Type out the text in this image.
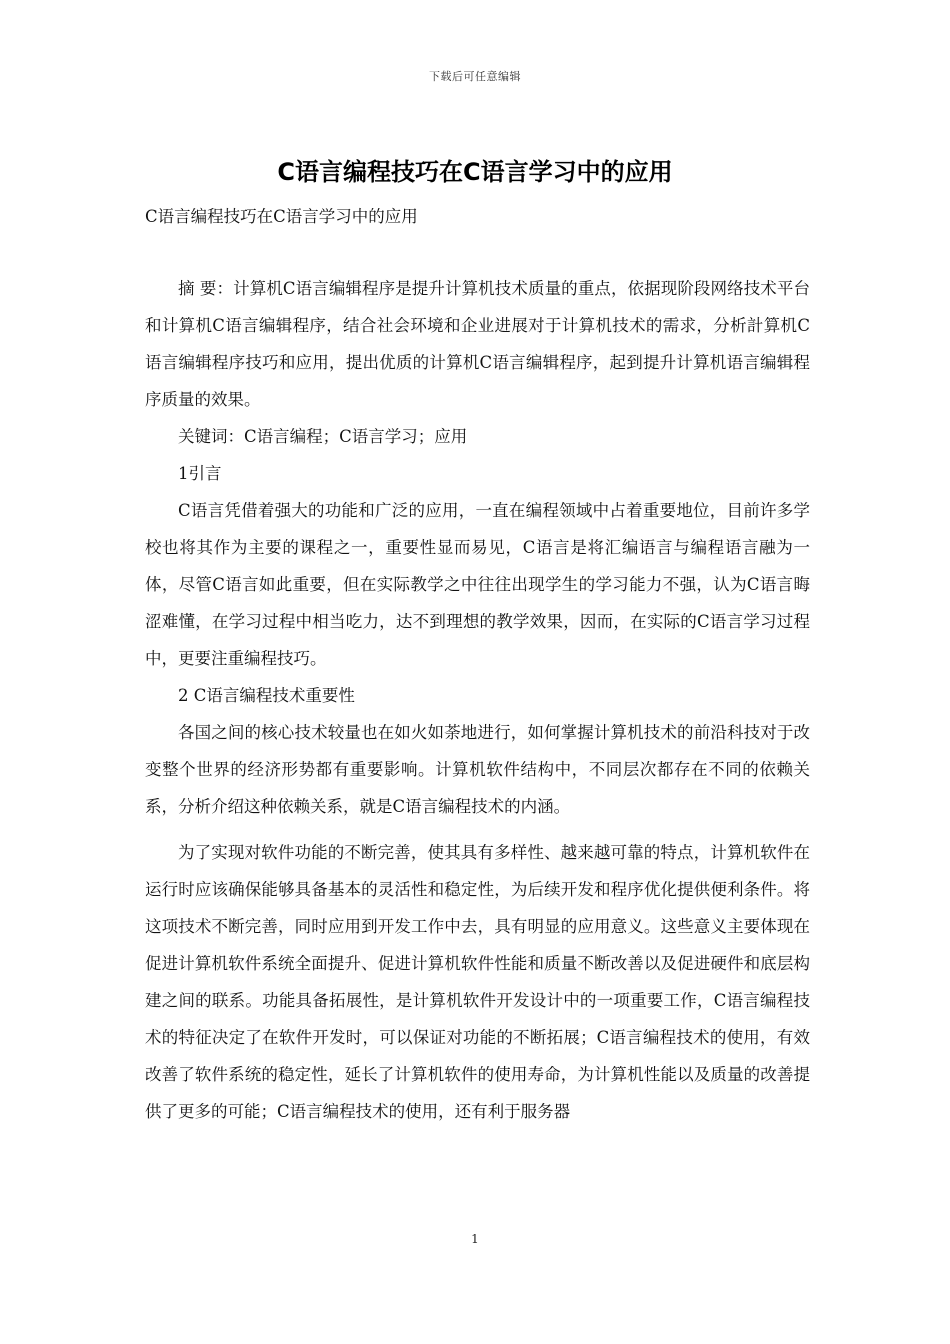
下载后可任意编辑
C语言编程技巧在C语言学习中的应用
C语言编程技巧在C语言学习中的应用

摘 要：计算机C语言编辑程序是提升计算机技术质量的重点，依据现阶段网络技术平台和计算机C语言编辑程序，结合社会环境和企业进展对于计算机技术的需求，分析計算机C语言编辑程序技巧和应用，提出优质的计算机C语言编辑程序，起到提升计算机语言编辑程序质量的效果。

关键词：C语言编程；C语言学习；应用

1引言

C语言凭借着强大的功能和广泛的应用，一直在编程领域中占着重要地位，目前许多学校也将其作为主要的课程之一，重要性显而易见，C语言是将汇编语言与编程语言融为一体，尽管C语言如此重要，但在实际教学之中往往出现学生的学习能力不强，认为C语言晦涩难懂，在学习过程中相当吃力，达不到理想的教学效果，因而，在实际的C语言学习过程中，更要注重编程技巧。

2 C语言编程技术重要性

各国之间的核心技术较量也在如火如荼地进行，如何掌握计算机技术的前沿科技对于改变整个世界的经济形势都有重要影响。计算机软件结构中，不同层次都存在不同的依赖关系，分析介绍这种依赖关系，就是C语言编程技术的内涵。

为了实现对软件功能的不断完善，使其具有多样性、越来越可靠的特点，计算机软件在运行时应该确保能够具备基本的灵活性和稳定性，为后续开发和程序优化提供便利条件。将这项技术不断完善，同时应用到开发工作中去，具有明显的应用意义。这些意义主要体现在促进计算机软件系统全面提升、促进计算机软件性能和质量不断改善以及促进硬件和底层构建之间的联系。功能具备拓展性，是计算机软件开发设计中的一项重要工作，C语言编程技术的特征决定了在软件开发时，可以保证对功能的不断拓展；C语言编程技术的使用，有效改善了软件系统的稳定性，延长了计算机软件的使用寿命，为计算机性能以及质量的改善提供了更多的可能；C语言编程技术的使用，还有利于服务器

1
